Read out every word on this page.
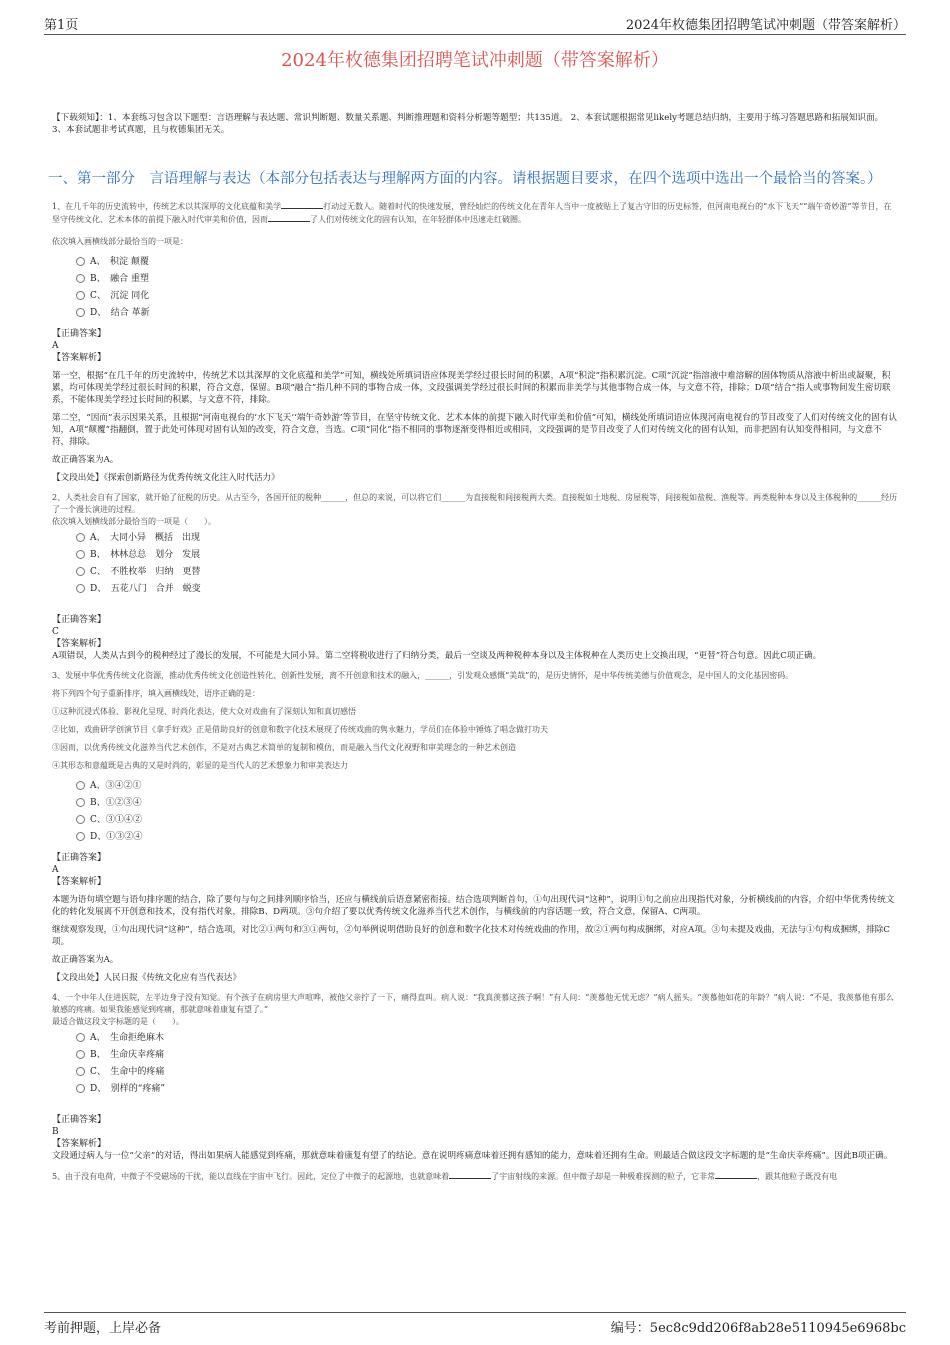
第1页	2024年枚德集团招聘笔试冲刺题（带答案解析）
2024年枚德集团招聘笔试冲刺题（带答案解析）

【下载须知】：1、本套练习包含以下题型：言语理解与表达题、常识判断题、数量关系题、判断推理题和资料分析题等题型；共135道。 2、本套试题根据常见likely考题总结归纳，主要用于练习答题思路和拓展知识面。 3、本套试题非考试真题，且与枚德集团无关。

一、第一部分　言语理解与表达（本部分包括表达与理解两方面的内容。请根据题目要求，在四个选项中选出一个最恰当的答案。）

1、在几千年的历史流转中，传统艺术以其深厚的文化底蕴和美学	打动过无数人。随着时代的快速发展，曾经灿烂的传统文化在青年人当中一度被贴上了复古守旧的历史标签，但河南电视台的“水下飞天”“端午奇妙游”等节目，在坚守传统文化、艺术本体的前提下融入时代审美和价值，因而	了人们对传统文化的固有认知，在年轻群体中迅速走红破圈。

依次填入画横线部分最恰当的一项是：

A、　积淀 颠覆
B、　融合 重塑
C、　沉淀 同化
D、　结合 革新

【正确答案】

A

【答案解析】

第一空，根据“在几千年的历史流转中，传统艺术以其深厚的文化底蕴和美学”可知，横线处所填词语应体现美学经过很长时间的积累，A项“积淀”指积累沉淀。C项“沉淀”指溶液中难溶解的固体物质从溶液中析出或凝聚，积累，均可体现美学经过很长时间的积累，符合文意，保留。B项“融合”指几种不同的事物合成一体，文段强调美学经过很长时间的积累而非美学与其他事物合成一体，与文意不符，排除；D项“结合”指人或事物间发生密切联系，不能体现美学经过长时间的积累，与文意不符，排除。

第二空，“因而”表示因果关系，且根据“河南电视台的‘水下飞天’‘端午奇妙游’等节目，在坚守传统文化、艺术本体的前提下融入时代审美和价值”可知，横线处所填词语应体现河南电视台的节目改变了人们对传统文化的固有认知，A项“颠覆”指翻倒，置于此处可体现对固有认知的改变，符合文意，当选。C项“同化”指不相同的事物逐渐变得相近或相同，文段强调的是节目改变了人们对传统文化的固有认知，而非把固有认知变得相同，与文意不符，排除。

故正确答案为A。

【文段出处】《探索创新路径为优秀传统文化注入时代活力》

2、人类社会自有了国家，就开始了征税的历史。从古至今，各国开征的税种______，但总的来说，可以将它们______为直接税和间接税两大类。直接税如土地税、房屋税等，间接税如盐税、渔税等。两类税种本身以及主体税种的______经历了一个漫长演进的过程。

依次填入划横线部分最恰当的一项是（　　）。

A、　大同小异　概括　出现
B、　林林总总　划分　发展
C、　不胜枚举　归纳　更替
D、　五花八门　合并　蜕变

【正确答案】

C

【答案解析】

A项错误，人类从古到今的税种经过了漫长的发展，不可能是大同小异。第二空将税收进行了归纳分类，最后一空谈及两种税种本身以及主体税种在人类历史上交换出现，“更替”符合句意。因此C项正确。

3、发展中华优秀传统文化资源，推动优秀传统文化创造性转化、创新性发展，离不开创意和技术的融入，______，引发观众感慨“美哉”的，是历史情怀，是中华传统美德与价值观念，是中国人的文化基因密码。

将下列四个句子重新排序，填入画横线处，语序正确的是：

①这种沉浸式体验、影视化呈现、时尚化表达，使大众对戏曲有了深刻认知和真切感悟

②比如，戏曲研学创演节目《拿手好戏》正是借助良好的创意和数字化技术展现了传统戏曲的隽永魅力，学员们在体验中锤炼了唱念做打功夫

③因而，以优秀传统文化滋养当代艺术创作，不是对古典艺术简单的复制和模仿，而是融入当代文化视野和审美理念的一种艺术创造

④其形态和意蕴既是古典的又是时尚的，彰显的是当代人的艺术想象力和审美表达力

A、③④②①
B、①②③④
C、③①④②
D、①③②④

【正确答案】

A

【答案解析】

本题为语句填空题与语句排序题的结合，除了要句与句之间排列顺序恰当，还应与横线前后语意紧密衔接。结合选项判断首句，①句出现代词“这种”，说明①句之前应出现指代对象，分析横线前的内容，介绍中华优秀传统文化的转化发展离不开创意和技术，没有指代对象，排除B、D两项。③句介绍了要以优秀传统文化滋养当代艺术创作，与横线前的内容话题一致，符合文意，保留A、C两项。

继续观察发现，①句出现代词“这种”，结合选项，对比②①两句和③①两句，②句举例说明借助良好的创意和数字化技术对传统戏曲的作用，故②①两句构成捆绑，对应A项。③句未提及戏曲，无法与①句构成捆绑，排除C项。

故正确答案为A。

【文段出处】人民日报《传统文化应有当代表达》

4、一个中年人住进医院，左半边身子没有知觉。有个孩子在病房里大声喧哗，被他父亲拧了一下，痛得直叫。病人说：“我真羡慕这孩子啊！”有人问：“羡慕他无忧无虑？”病人摇头。“羡慕他如花的年龄？”病人说：“不是，我羡慕他有那么敏感的疼痛。如果我能感觉到疼痛，那就意味着康复有望了。”

最适合做这段文字标题的是（　　）。

A、　生命拒绝麻木
B、　生命庆幸疼痛
C、　生命中的疼痛
D、　别样的“疼痛”

【正确答案】

B

【答案解析】

文段通过病人与一位“父亲”的对话，得出如果病人能感觉到疼痛，那就意味着康复有望了的结论。意在说明疼痛意味着还拥有感知的能力，意味着还拥有生命。则最适合做这段文字标题的是“生命庆幸疼痛”。因此B项正确。

5、由于没有电荷，中微子不受磁场的干扰，能以直线在宇宙中飞行。因此，定位了中微子的起源地，也就意味着	了宇宙射线的来源。但中微子却是一种极难探测的粒子，它非常	，跟其他粒子既没有电

考前押题，上岸必备	编号：5ec8c9dd206f8ab28e5110945e6968bc
